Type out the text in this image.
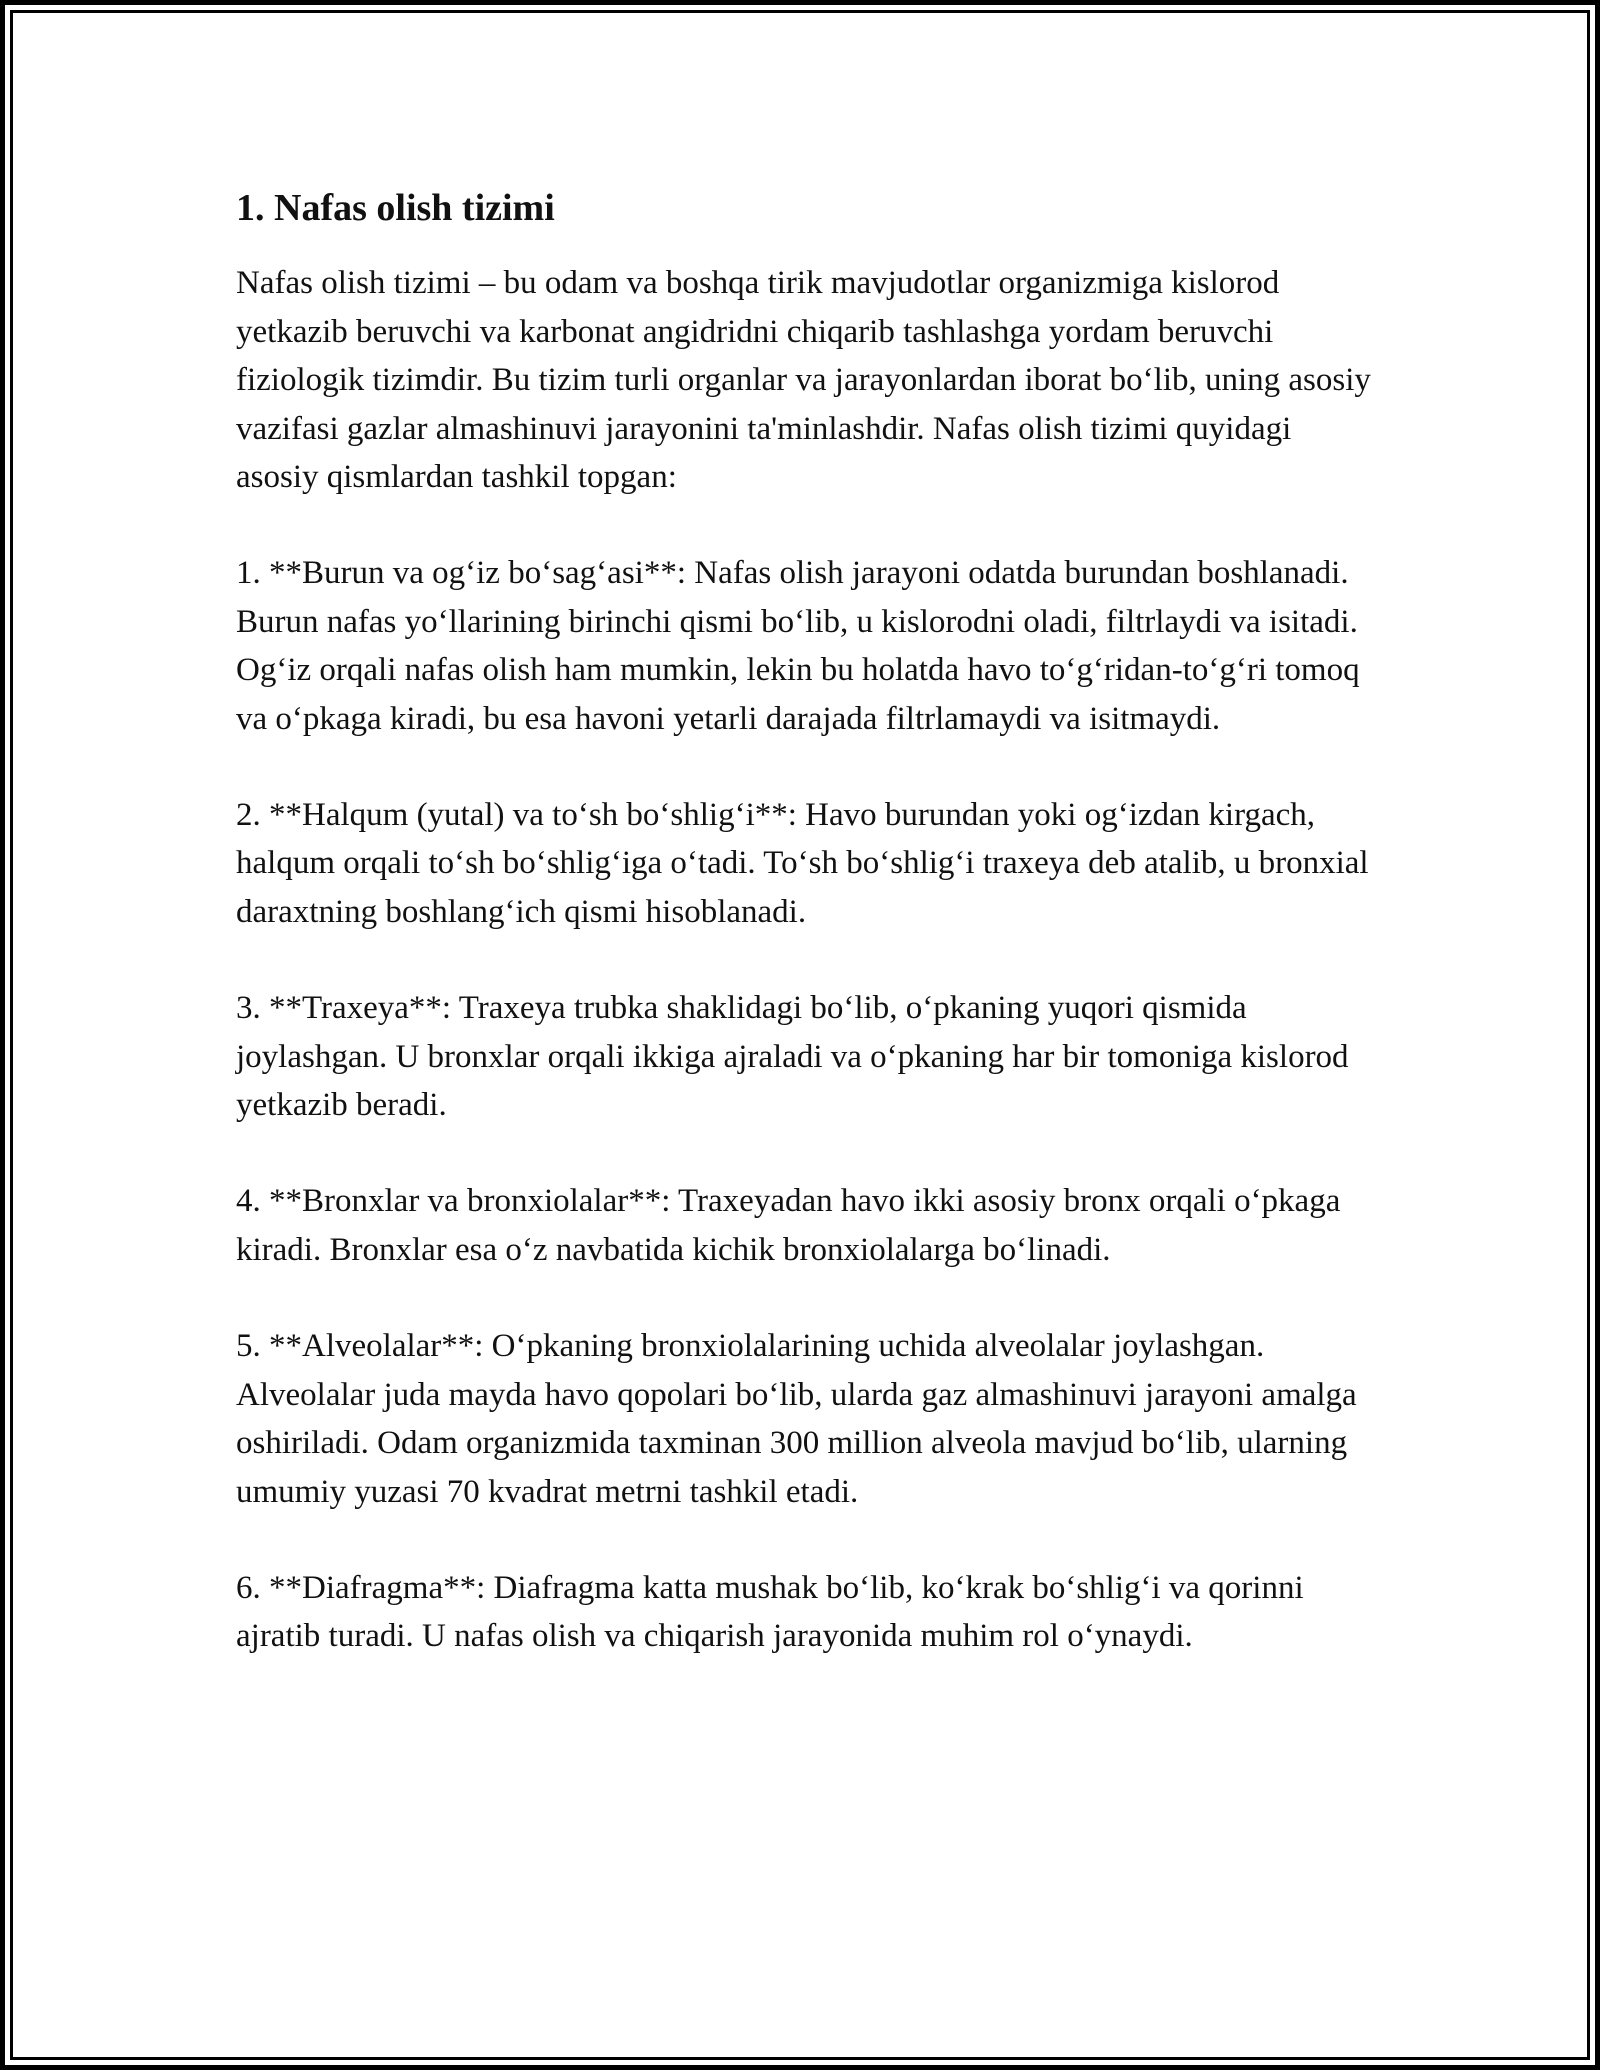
1. Nafas olish tizimi

Nafas olish tizimi – bu odam va boshqa tirik mavjudotlar organizmiga kislorod yetkazib beruvchi va karbonat angidridni chiqarib tashlashga yordam beruvchi fiziologik tizimdir. Bu tizim turli organlar va jarayonlardan iborat bo‘lib, uning asosiy vazifasi gazlar almashinuvi jarayonini ta'minlashdir. Nafas olish tizimi quyidagi asosiy qismlardan tashkil topgan:

1. **Burun va og‘iz bo‘sag‘asi**: Nafas olish jarayoni odatda burundan boshlanadi. Burun nafas yo‘llarining birinchi qismi bo‘lib, u kislorodni oladi, filtrlaydi va isitadi. Og‘iz orqali nafas olish ham mumkin, lekin bu holatda havo to‘g‘ridan-to‘g‘ri tomoq va o‘pkaga kiradi, bu esa havoni yetarli darajada filtrlamaydi va isitmaydi.

2. **Halqum (yutal) va to‘sh bo‘shlig‘i**: Havo burundan yoki og‘izdan kirgach, halqum orqali to‘sh bo‘shlig‘iga o‘tadi. To‘sh bo‘shlig‘i traxeya deb atalib, u bronxial daraxtning boshlang‘ich qismi hisoblanadi.

3. **Traxeya**: Traxeya trubka shaklidagi bo‘lib, o‘pkaning yuqori qismida joylashgan. U bronxlar orqali ikkiga ajraladi va o‘pkaning har bir tomoniga kislorod yetkazib beradi.

4. **Bronxlar va bronxiolalar**: Traxeyadan havo ikki asosiy bronx orqali o‘pkaga kiradi. Bronxlar esa o‘z navbatida kichik bronxiolalarga bo‘linadi.

5. **Alveolalar**: O‘pkaning bronxiolalarining uchida alveolalar joylashgan. Alveolalar juda mayda havo qopolari bo‘lib, ularda gaz almashinuvi jarayoni amalga oshiriladi. Odam organizmida taxminan 300 million alveola mavjud bo‘lib, ularning umumiy yuzasi 70 kvadrat metrni tashkil etadi.

6. **Diafragma**: Diafragma katta mushak bo‘lib, ko‘krak bo‘shlig‘i va qorinni ajratib turadi. U nafas olish va chiqarish jarayonida muhim rol o‘ynaydi.
